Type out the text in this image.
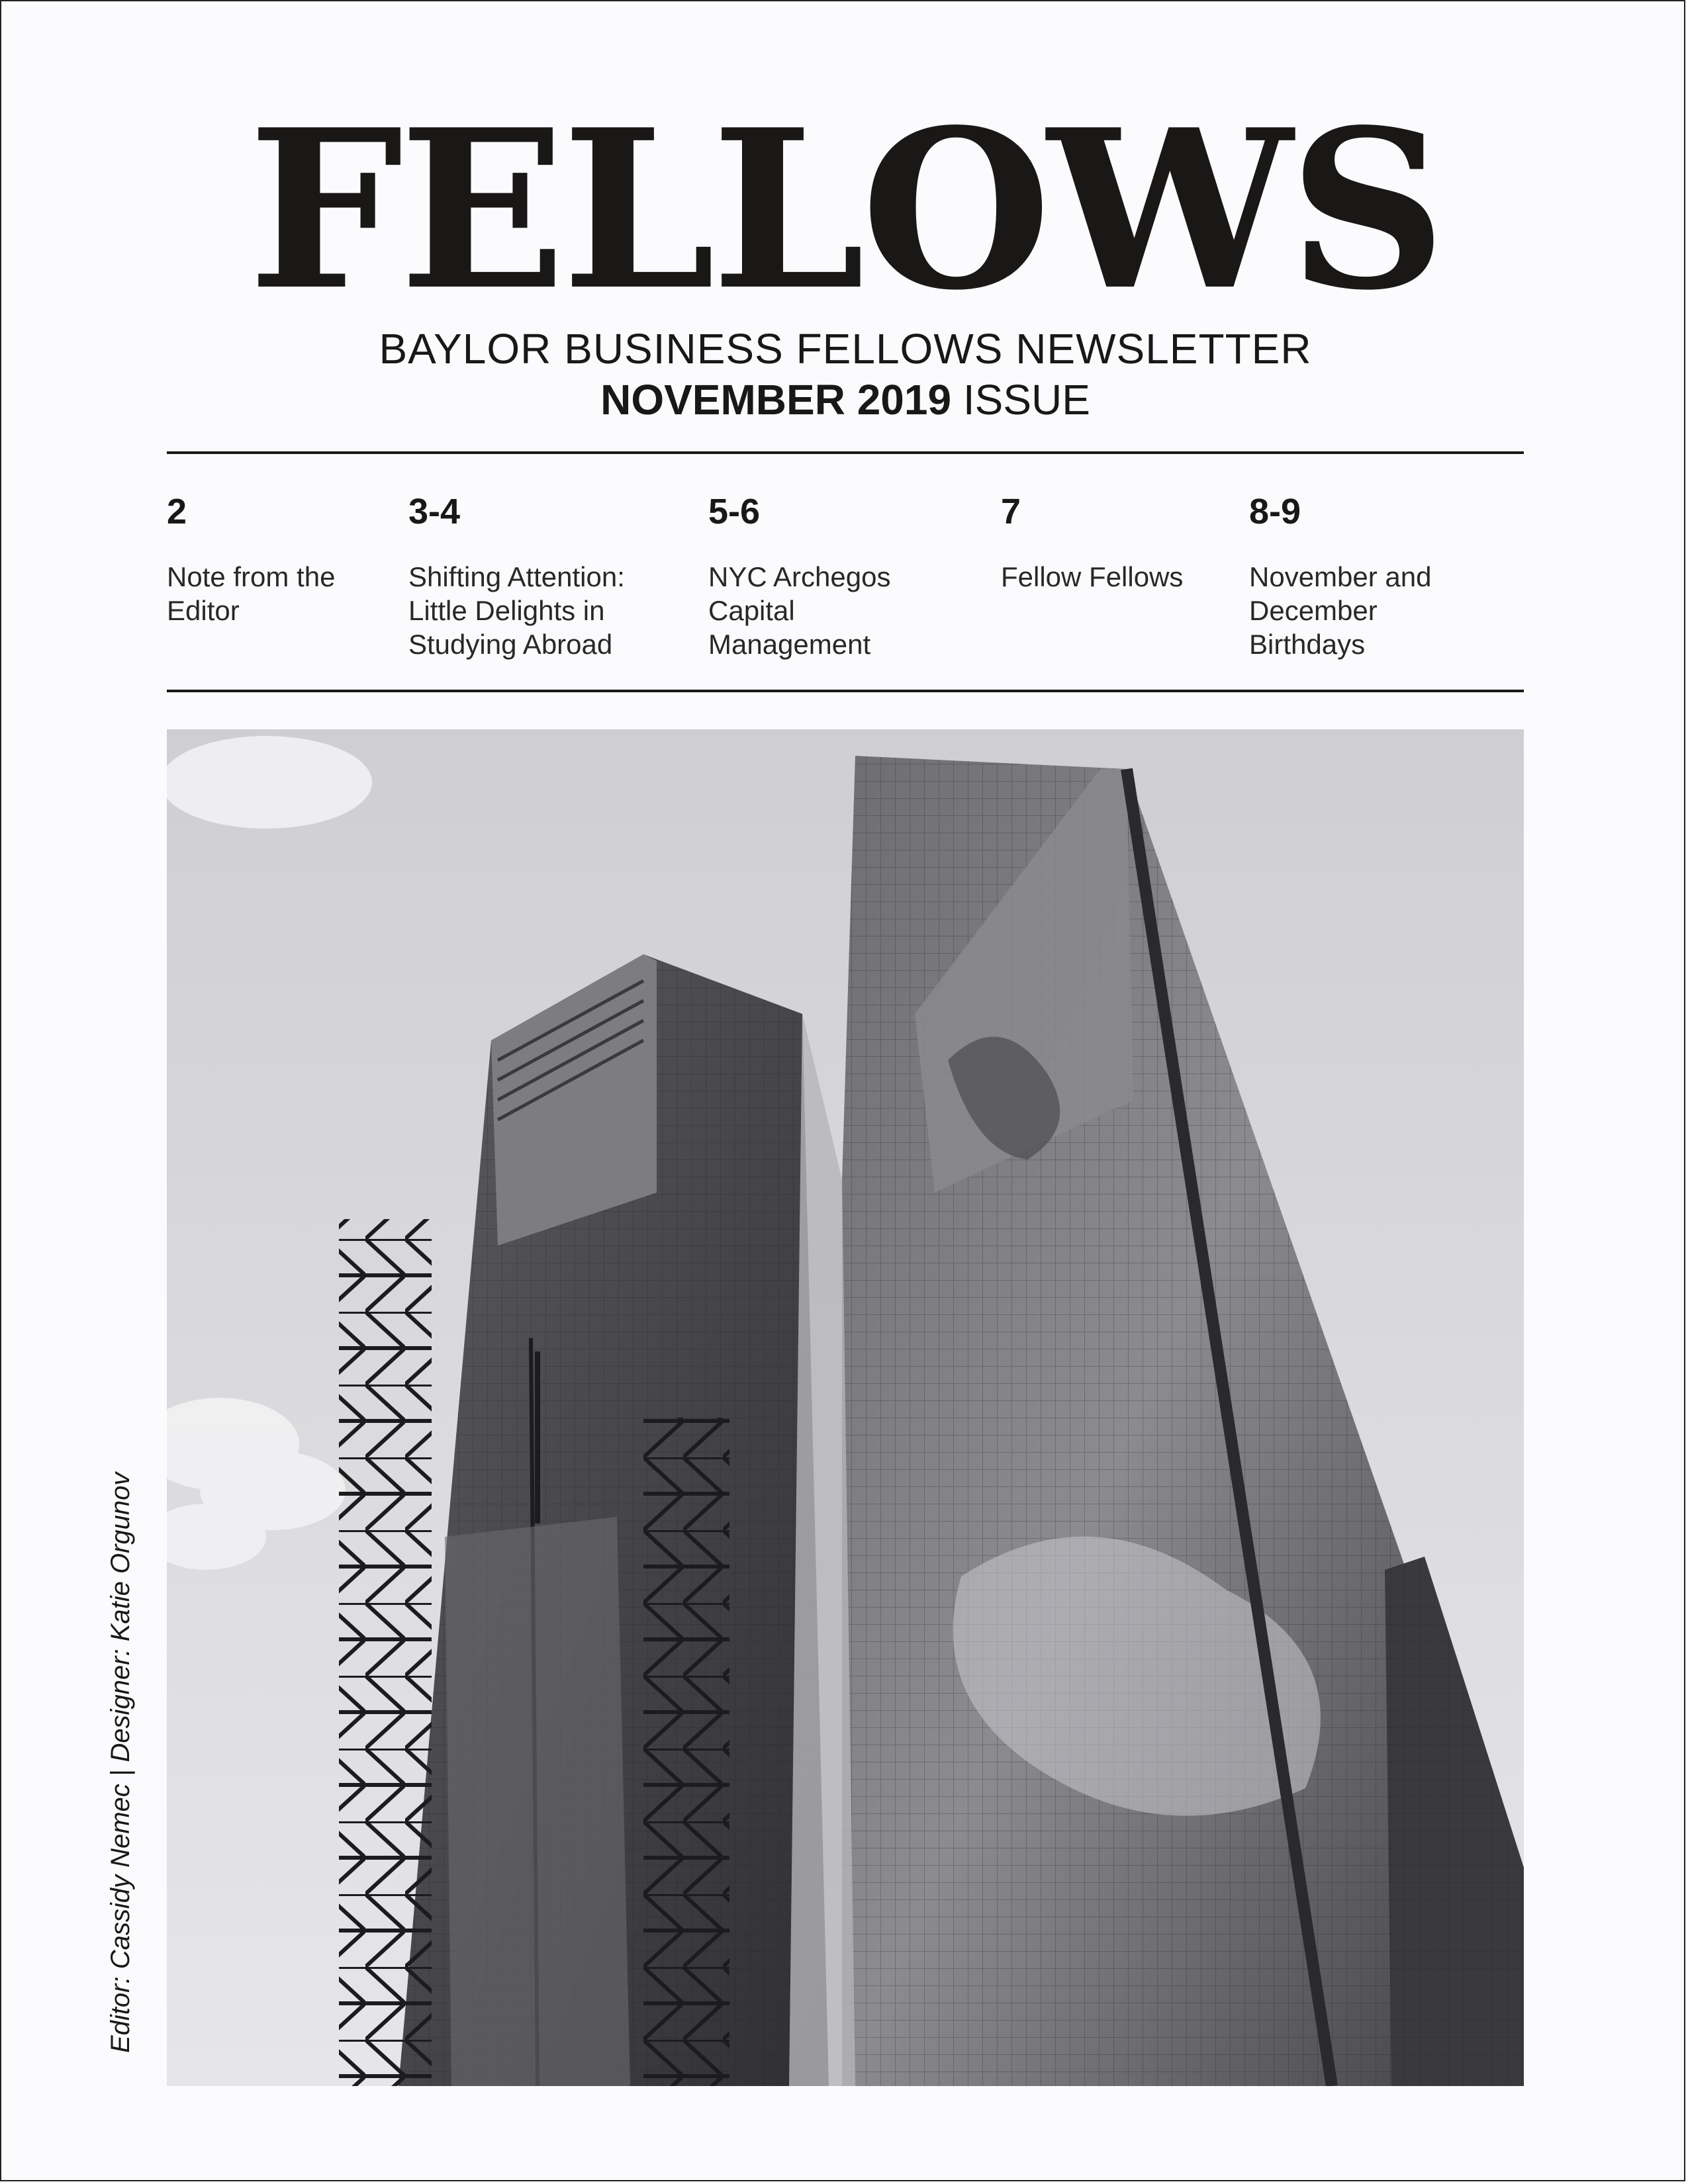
FELLOWS
BAYLOR BUSINESS FELLOWS NEWSLETTER
NOVEMBER 2019 ISSUE
2
Note from the
Editor
3-4
Shifting Attention:
Little Delights in
Studying Abroad
5-6
NYC Archegos
Capital
Management
7
Fellow Fellows
8-9
November and
December
Birthdays
Editor: Cassidy Nemec | Designer: Katie Orgunov
